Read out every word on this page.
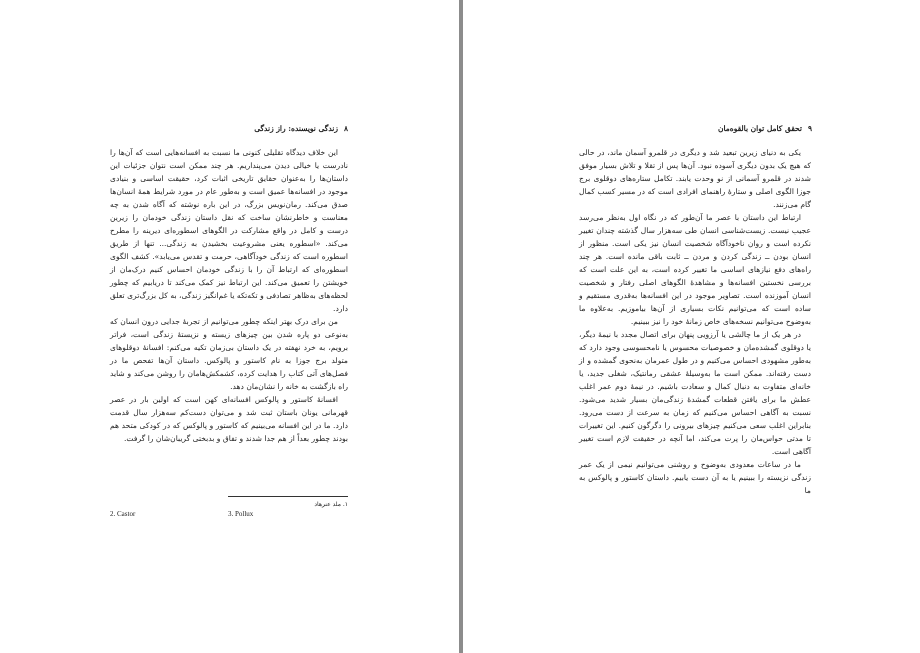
۸
زندگی نویسنده: راز زندگی

این خلاف دیدگاه تقلیلی کنونی ما نسبت به افسانه‌هایی است که آن‌ها را نادرست یا خیالی دیدن می‌پنداریم. هر چند ممکن است نتوان جزئیات این داستان‌ها را به‌عنوان حقایق تاریخی اثبات کرد، حقیقت اساسی و بنیادی موجود در افسانه‌ها عمیق است و به‌طور عام در مورد شرایط همهٔ انسان‌ها صدق می‌کند. رمان‌نویس بزرگ، در این باره نوشته که آگاه شدن به چه معناست و خاطرنشان ساخت که نقل داستان زندگی خودمان را زیرین درست و کامل در واقع مشارکت در الگوهای اسطوره‌ای دیرینه را مطرح می‌کند. «اسطوره یعنی مشروعیت بخشیدن به زندگی... تنها از طریق اسطوره است که زندگی خودآگاهی، حرمت و تقدس می‌یابد». کشف الگوی اسطوره‌ای که ارتباط آن را با زندگی خودمان احساس کنیم درک‌مان از خویشتن را تعمیق می‌کند. این ارتباط نیز کمک می‌کند تا دریابیم که چطور لحظه‌های به‌ظاهر تصادفی و تکه‌تکه یا غم‌انگیز زندگی، به کل بزرگ‌تری تعلق دارد.

من برای درک بهتر اینکه چطور می‌توانیم از تجربهٔ جدایی درون انسان که به‌نوعی دو پاره شدن بین چیزهای زیسته و نزیستهٔ زندگی است، فراتر برویم، به خرد نهفته در یک داستان بی‌زمان تکیه می‌کنم: افسانهٔ دوقلوهای متولد برج جوزا به نام کاستور و پالوکس. داستان آن‌ها تفحص ما در فصل‌های آتی کتاب را هدایت کرده، کشمکش‌هامان را روشن می‌کند و شاید راه بازگشت به خانه را نشان‌مان دهد.

افسانهٔ کاستور و پالوکس افسانه‌ای کهن است که اولین بار در عصر قهرمانی یونان باستان ثبت شد و می‌توان دست‌کم سه‌هزار سال قدمت دارد. ما در این افسانه می‌بینیم که کاستور و پالوکس که در کودکی متحد هم بودند چطور بعداً از هم جدا شدند و تفاق و بدبختی گریبان‌شان را گرفت.

۱. ملد عنرهاد
2. Castor	3. Pollux
۹
تحقق کامل توان بالقوه‌مان

یکی به دنیای زیرین تبعید شد و دیگری در قلمرو آسمان ماند، در حالی که هیچ یک بدون دیگری آسوده نبود. آن‌ها پس از تقلا و تلاش بسیار موفق شدند در قلمرو آسمانی از نو وحدت یابند. تکامل ستاره‌های دوقلوی برج جوزا الگوی اصلی و ستارهٔ راهنمای افرادی است که در مسیر کسب کمال گام می‌زنند.

ارتباط این داستان با عصر ما آن‌طور که در نگاه اول به‌نظر می‌رسد عجیب نیست. زیست‌شناسی انسان طی سه‌هزار سال گذشته چندان تغییر نکرده است و روان ناخودآگاه شخصیت انسان نیز یکی است. منظور از انسان بودن ــ زندگی کردن و مردن ــ ثابت باقی مانده است. هر چند راه‌های دفع نیازهای اساسی ما تغییر کرده است، به این علت است که بررسی نخستین افسانه‌ها و مشاهدهٔ الگوهای اصلی رفتار و شخصیت انسان آموزنده است. تصاویر موجود در این افسانه‌ها به‌قدری مستقیم و ساده است که می‌توانیم نکات بسیاری از آن‌ها بیاموزیم. به‌علاوه ما به‌وضوح می‌توانیم نسخه‌های خاص زمانهٔ خود را نیز ببینیم.

در هر یک از ما چالشی یا آرزویی پنهان برای اتصال مجدد با نیمهٔ دیگر، یا دوقلوی گمشده‌مان و خصوصیات محسوس یا نامحسوسی وجود دارد که به‌طور مشهودی احساس می‌کنیم و در طول عمرمان به‌نحوی گمشده و از دست رفته‌اند. ممکن است ما به‌وسیلهٔ عشقی رمانتیک، شغلی جدید، یا خانه‌ای متفاوت به دنبال کمال و سعادت باشیم. در نیمهٔ دوم عمر اغلب عطش ما برای یافتن قطعات گمشدهٔ زندگی‌مان بسیار شدید می‌شود. نسبت به آگاهی احساس می‌کنیم که زمان به سرعت از دست می‌رود. بنابراین اغلب سعی می‌کنیم چیزهای بیرونی را دگرگون کنیم. این تغییرات تا مدتی حواس‌مان را پرت می‌کند، اما آنچه در حقیقت لازم است تغییر آگاهی است.

ما در ساعات معدودی به‌وضوح و روشنی می‌توانیم نیمی از یک عمر زندگی نزیسته را ببینیم یا به آن دست یابیم. داستان کاستور و پالوکس به ما
